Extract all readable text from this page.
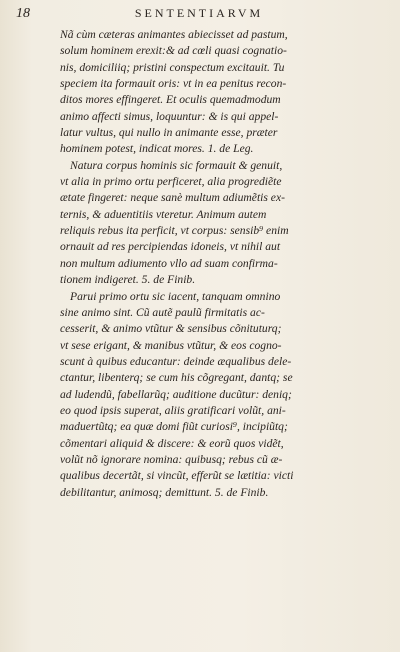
18	SENTENTIARVM
Nã cùm cæteras animantes abiecisset ad pastum,
solum hominem erexit:& ad cœli quasi cognatio-
nis, domiciliiq; pristini conspectum excitauit. Tu
speciem ita formauit oris: vt in ea penitus recon-
ditos mores effingeret. Et oculis quemadmodum
animo affecti simus, loquuntur: & is qui appel-
latur vultus, qui nullo in animante esse, præter
hominem potest, indicat mores. 1. de Leg.
Natura corpus hominis sic formauit & genuit,
vt alia in primo ortu perficeret, alia progrediẽte
ætate fingeret: neque sanè multum adiumẽtis ex-
ternis, & aduentitiis vteretur. Animum autem
reliquis rebus ita perficit, vt corpus: sensib⁹ enim
ornauit ad res percipiendas idoneis, vt nihil aut
non multum adiumento vllo ad suam confirma-
tionem indigeret. 5. de Finib.
Parui primo ortu sic iacent, tanquam omnino
sine animo sint. Cũ autẽ paulũ firmitatis ac-
cesserit, & animo vtũtur & sensibus cõnituturq;
vt sese erigant, & manibus vtũtur, & eos cogno-
scunt à quibus educantur: deinde æqualibus dele-
ctantur, libenterq; se cum his cõgregant, dantq; se
ad ludendũ, fabellarũq; auditione ducũtur: deniq;
eo quod ipsis superat, aliis gratificari volũt, ani-
maduertũtq; ea quæ domi fiũt curiosi⁹, incipiũtq;
cõmentari aliquid & discere: & eorũ quos vidẽt,
volũt nõ ignorare nomina: quibusq; rebus cũ æ-
qualibus decertãt, si vincũt, efferũt se lætitia: victi
debilitantur, animosq; demittunt. 5. de Finib.
